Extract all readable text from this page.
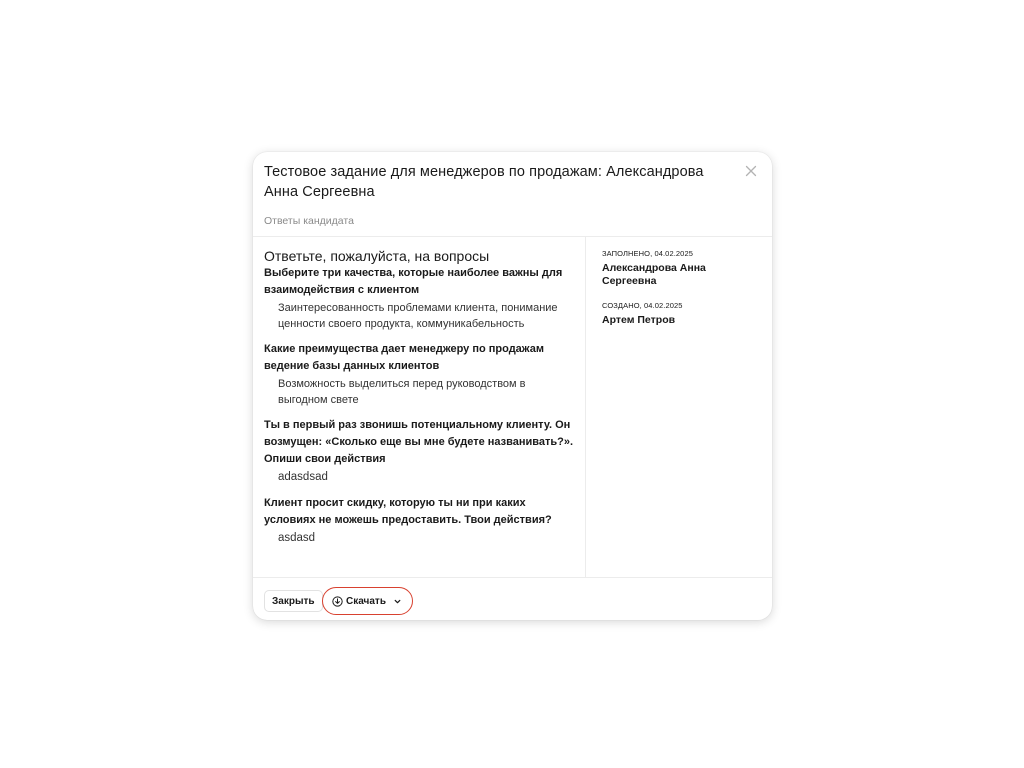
Тестовое задание для менеджеров по продажам: Александрова Анна Сергеевна
Ответы кандидата
Ответьте, пожалуйста, на вопросы
Выберите три качества, которые наиболее важны для взаимодействия с клиентом
Заинтересованность проблемами клиента, понимание ценности своего продукта, коммуникабельность
Какие преимущества дает менеджеру по продажам ведение базы данных клиентов
Возможность выделиться перед руководством в выгодном свете
Ты в первый раз звонишь потенциальному клиенту. Он возмущен: «Сколько еще вы мне будете названивать?». Опиши свои действия
adasdsad
Клиент просит скидку, которую ты ни при каких условиях не можешь предоставить. Твои действия?
asdasd
ЗАПОЛНЕНО, 04.02.2025
Александрова Анна Сергеевна
СОЗДАНО, 04.02.2025
Артем Петров
Закрыть	Скачать
